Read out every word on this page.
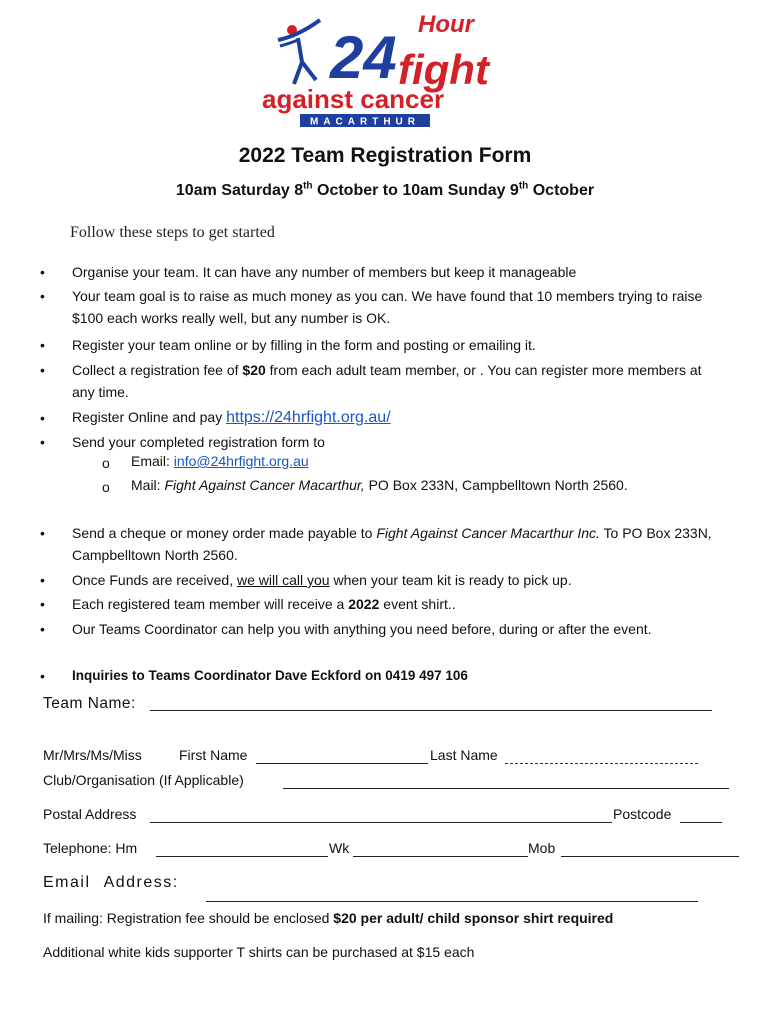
24 Hour
fight
against cancer
MACARTHUR
2022 Team Registration Form
10am Saturday 8th October to 10am Sunday 9th October
Follow these steps to get started
• Organise your team. It can have any number of members but keep it manageable
• Your team goal is to raise as much money as you can. We have found that 10 members trying to raise $100 each works really well, but any number is OK.
• Register your team online or by filling in the form and posting or emailing it.
• Collect a registration fee of $20 from each adult team member, or . You can register more members at any time.
• Register Online and pay https://24hrfight.org.au/
• Send your completed registration form to
o Email: info@24hrfight.org.au
o Mail: Fight Against Cancer Macarthur, PO Box 233N, Campbelltown North 2560.
• Send a cheque or money order made payable to Fight Against Cancer Macarthur Inc. To PO Box 233N, Campbelltown North 2560.
• Once Funds are received, we will call you when your team kit is ready to pick up.
• Each registered team member will receive a 2022 event shirt..
• Our Teams Coordinator can help you with anything you need before, during or after the event.
• Inquiries to Teams Coordinator Dave Eckford on 0419 497 106
Team Name:
Mr/Mrs/Ms/Miss	First Name	Last Name
Club/Organisation (If Applicable)
Postal Address	Postcode
Telephone: Hm	Wk	Mob
Email Address:
If mailing: Registration fee should be enclosed $20 per adult/ child sponsor shirt required
Additional white kids supporter T shirts can be purchased at $15 each
